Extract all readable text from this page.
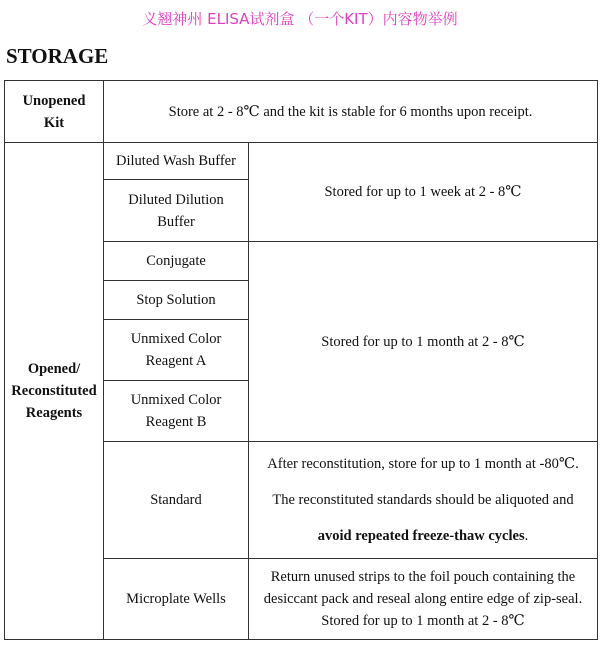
义翘神州 ELISA试剂盒 （一个KIT）内容物举例
STORAGE
Unopened Kit	Store at 2 - 8℃ and the kit is stable for 6 months upon receipt.	
Opened/ Reconstituted Reagents	Diluted Wash Buffer	Stored for up to 1 week at 2 - 8℃
	Diluted Dilution Buffer	
	Conjugate	Stored for up to 1 month at 2 - 8℃
	Stop Solution	
	Unmixed Color Reagent A	
	Unmixed Color Reagent B	
	Standard	After reconstitution, store for up to 1 month at -80℃.
The reconstituted standards should be aliquoted and
avoid repeated freeze-thaw cycles.

	Microplate Wells	Return unused strips to the foil pouch containing the desiccant pack and reseal along entire edge of zip-seal. Stored for up to 1 month at 2 - 8℃
